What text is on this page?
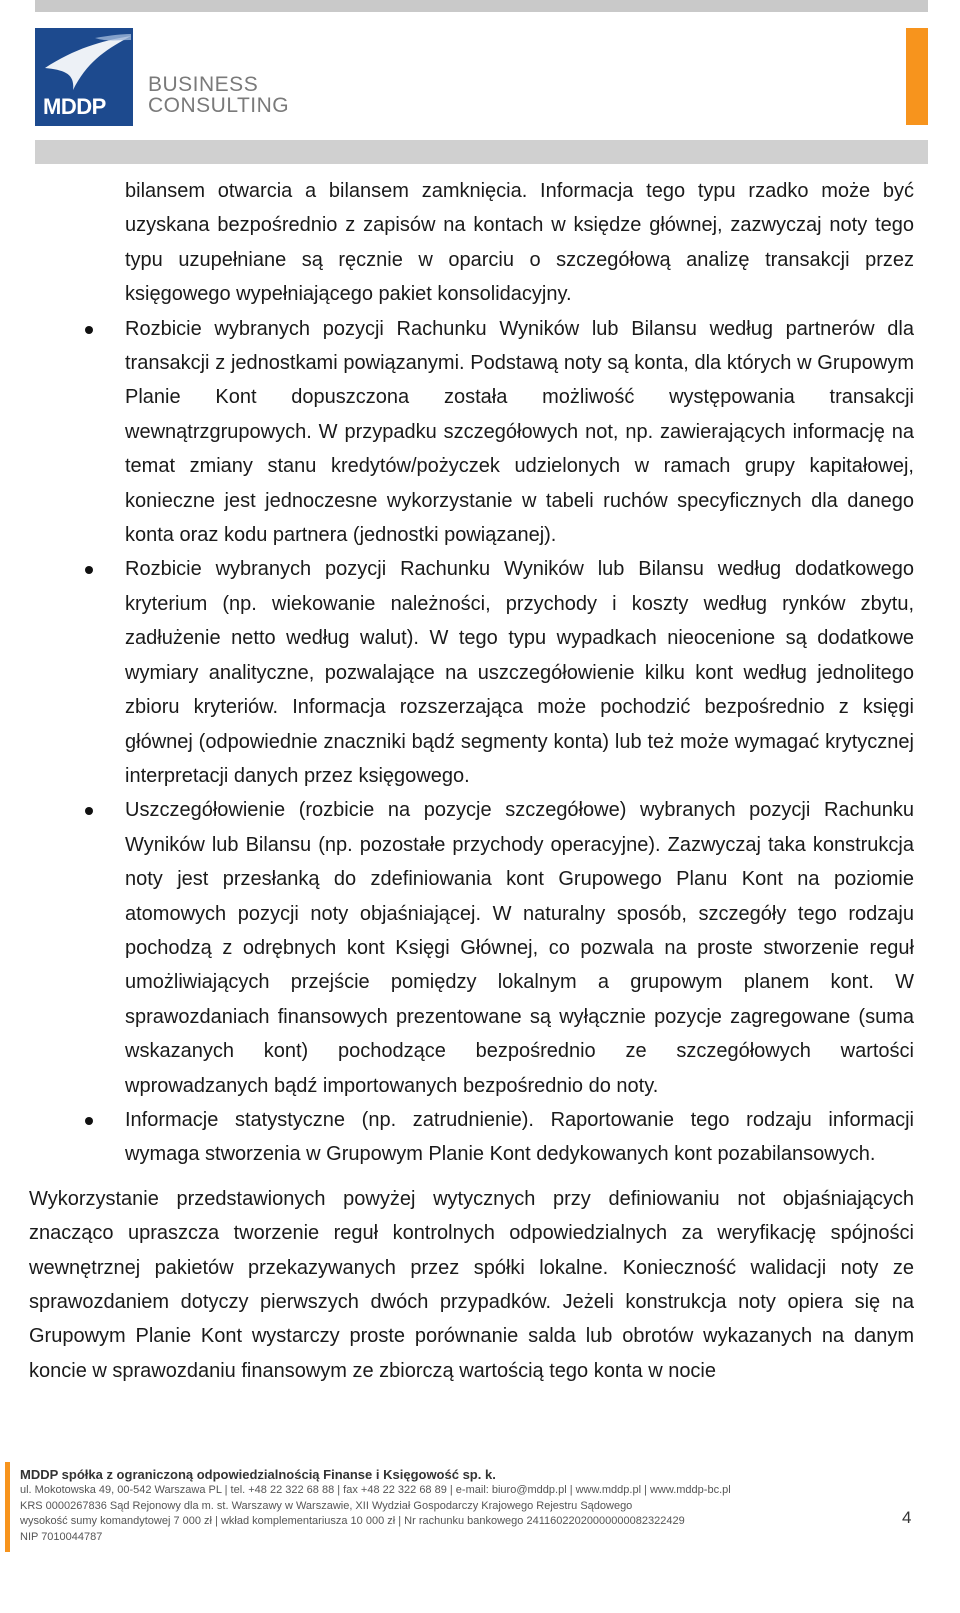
MDDP
BUSINESS
CONSULTING

bilansem otwarcia a bilansem zamknięcia. Informacja tego typu rzadko może być uzyskana bezpośrednio z zapisów na kontach w księdze głównej, zazwyczaj noty tego typu uzupełniane są ręcznie w oparciu o szczegółową analizę transakcji przez księgowego wypełniającego pakiet konsolidacyjny.

Rozbicie wybranych pozycji Rachunku Wyników lub Bilansu według partnerów dla transakcji z jednostkami powiązanymi. Podstawą noty są konta, dla których w Grupowym Planie Kont dopuszczona została możliwość występowania transakcji wewnątrzgrupowych. W przypadku szczegółowych not, np. zawierających informację na temat zmiany stanu kredytów/pożyczek udzielonych w ramach grupy kapitałowej, konieczne jest jednoczesne wykorzystanie w tabeli ruchów specyficznych dla danego konta oraz kodu partnera (jednostki powiązanej).
Rozbicie wybranych pozycji Rachunku Wyników lub Bilansu według dodatkowego kryterium (np. wiekowanie należności, przychody i koszty według rynków zbytu, zadłużenie netto według walut). W tego typu wypadkach nieocenione są dodatkowe wymiary analityczne, pozwalające na uszczegółowienie kilku kont według jednolitego zbioru kryteriów. Informacja rozszerzająca może pochodzić bezpośrednio z księgi głównej (odpowiednie znaczniki bądź segmenty konta) lub też może wymagać krytycznej interpretacji danych przez księgowego.
Uszczegółowienie (rozbicie na pozycje szczegółowe) wybranych pozycji Rachunku Wyników lub Bilansu (np. pozostałe przychody operacyjne). Zazwyczaj taka konstrukcja noty jest przesłanką do zdefiniowania kont Grupowego Planu Kont na poziomie atomowych pozycji noty objaśniającej. W naturalny sposób, szczegóły tego rodzaju pochodzą z odrębnych kont Księgi Głównej, co pozwala na proste stworzenie reguł umożliwiających przejście pomiędzy lokalnym a grupowym planem kont. W sprawozdaniach finansowych prezentowane są wyłącznie pozycje zagregowane (suma wskazanych kont) pochodzące bezpośrednio ze szczegółowych wartości wprowadzanych bądź importowanych bezpośrednio do noty.
Informacje statystyczne (np. zatrudnienie). Raportowanie tego rodzaju informacji wymaga stworzenia w Grupowym Planie Kont dedykowanych kont pozabilansowych.

Wykorzystanie przedstawionych powyżej wytycznych przy definiowaniu not objaśniających znacząco upraszcza tworzenie reguł kontrolnych odpowiedzialnych za weryfikację spójności wewnętrznej pakietów przekazywanych przez spółki lokalne. Konieczność walidacji noty ze sprawozdaniem dotyczy pierwszych dwóch przypadków. Jeżeli konstrukcja noty opiera się na Grupowym Planie Kont wystarczy proste porównanie salda lub obrotów wykazanych na danym koncie w sprawozdaniu finansowym ze zbiorczą wartością tego konta w nocie

MDDP spółka z ograniczoną odpowiedzialnością Finanse i Księgowość sp. k.
ul. Mokotowska 49, 00-542 Warszawa PL | tel. +48 22 322 68 88 | fax +48 22 322 68 89 | e-mail: biuro@mddp.pl | www.mddp.pl | www.mddp-bc.pl
KRS 0000267836 Sąd Rejonowy dla m. st. Warszawy w Warszawie, XII Wydział Gospodarczy Krajowego Rejestru Sądowego
wysokość sumy komandytowej 7 000 zł | wkład komplementariusza 10 000 zł | Nr rachunku bankowego 24116022020000000082322429
NIP 7010044787
4
